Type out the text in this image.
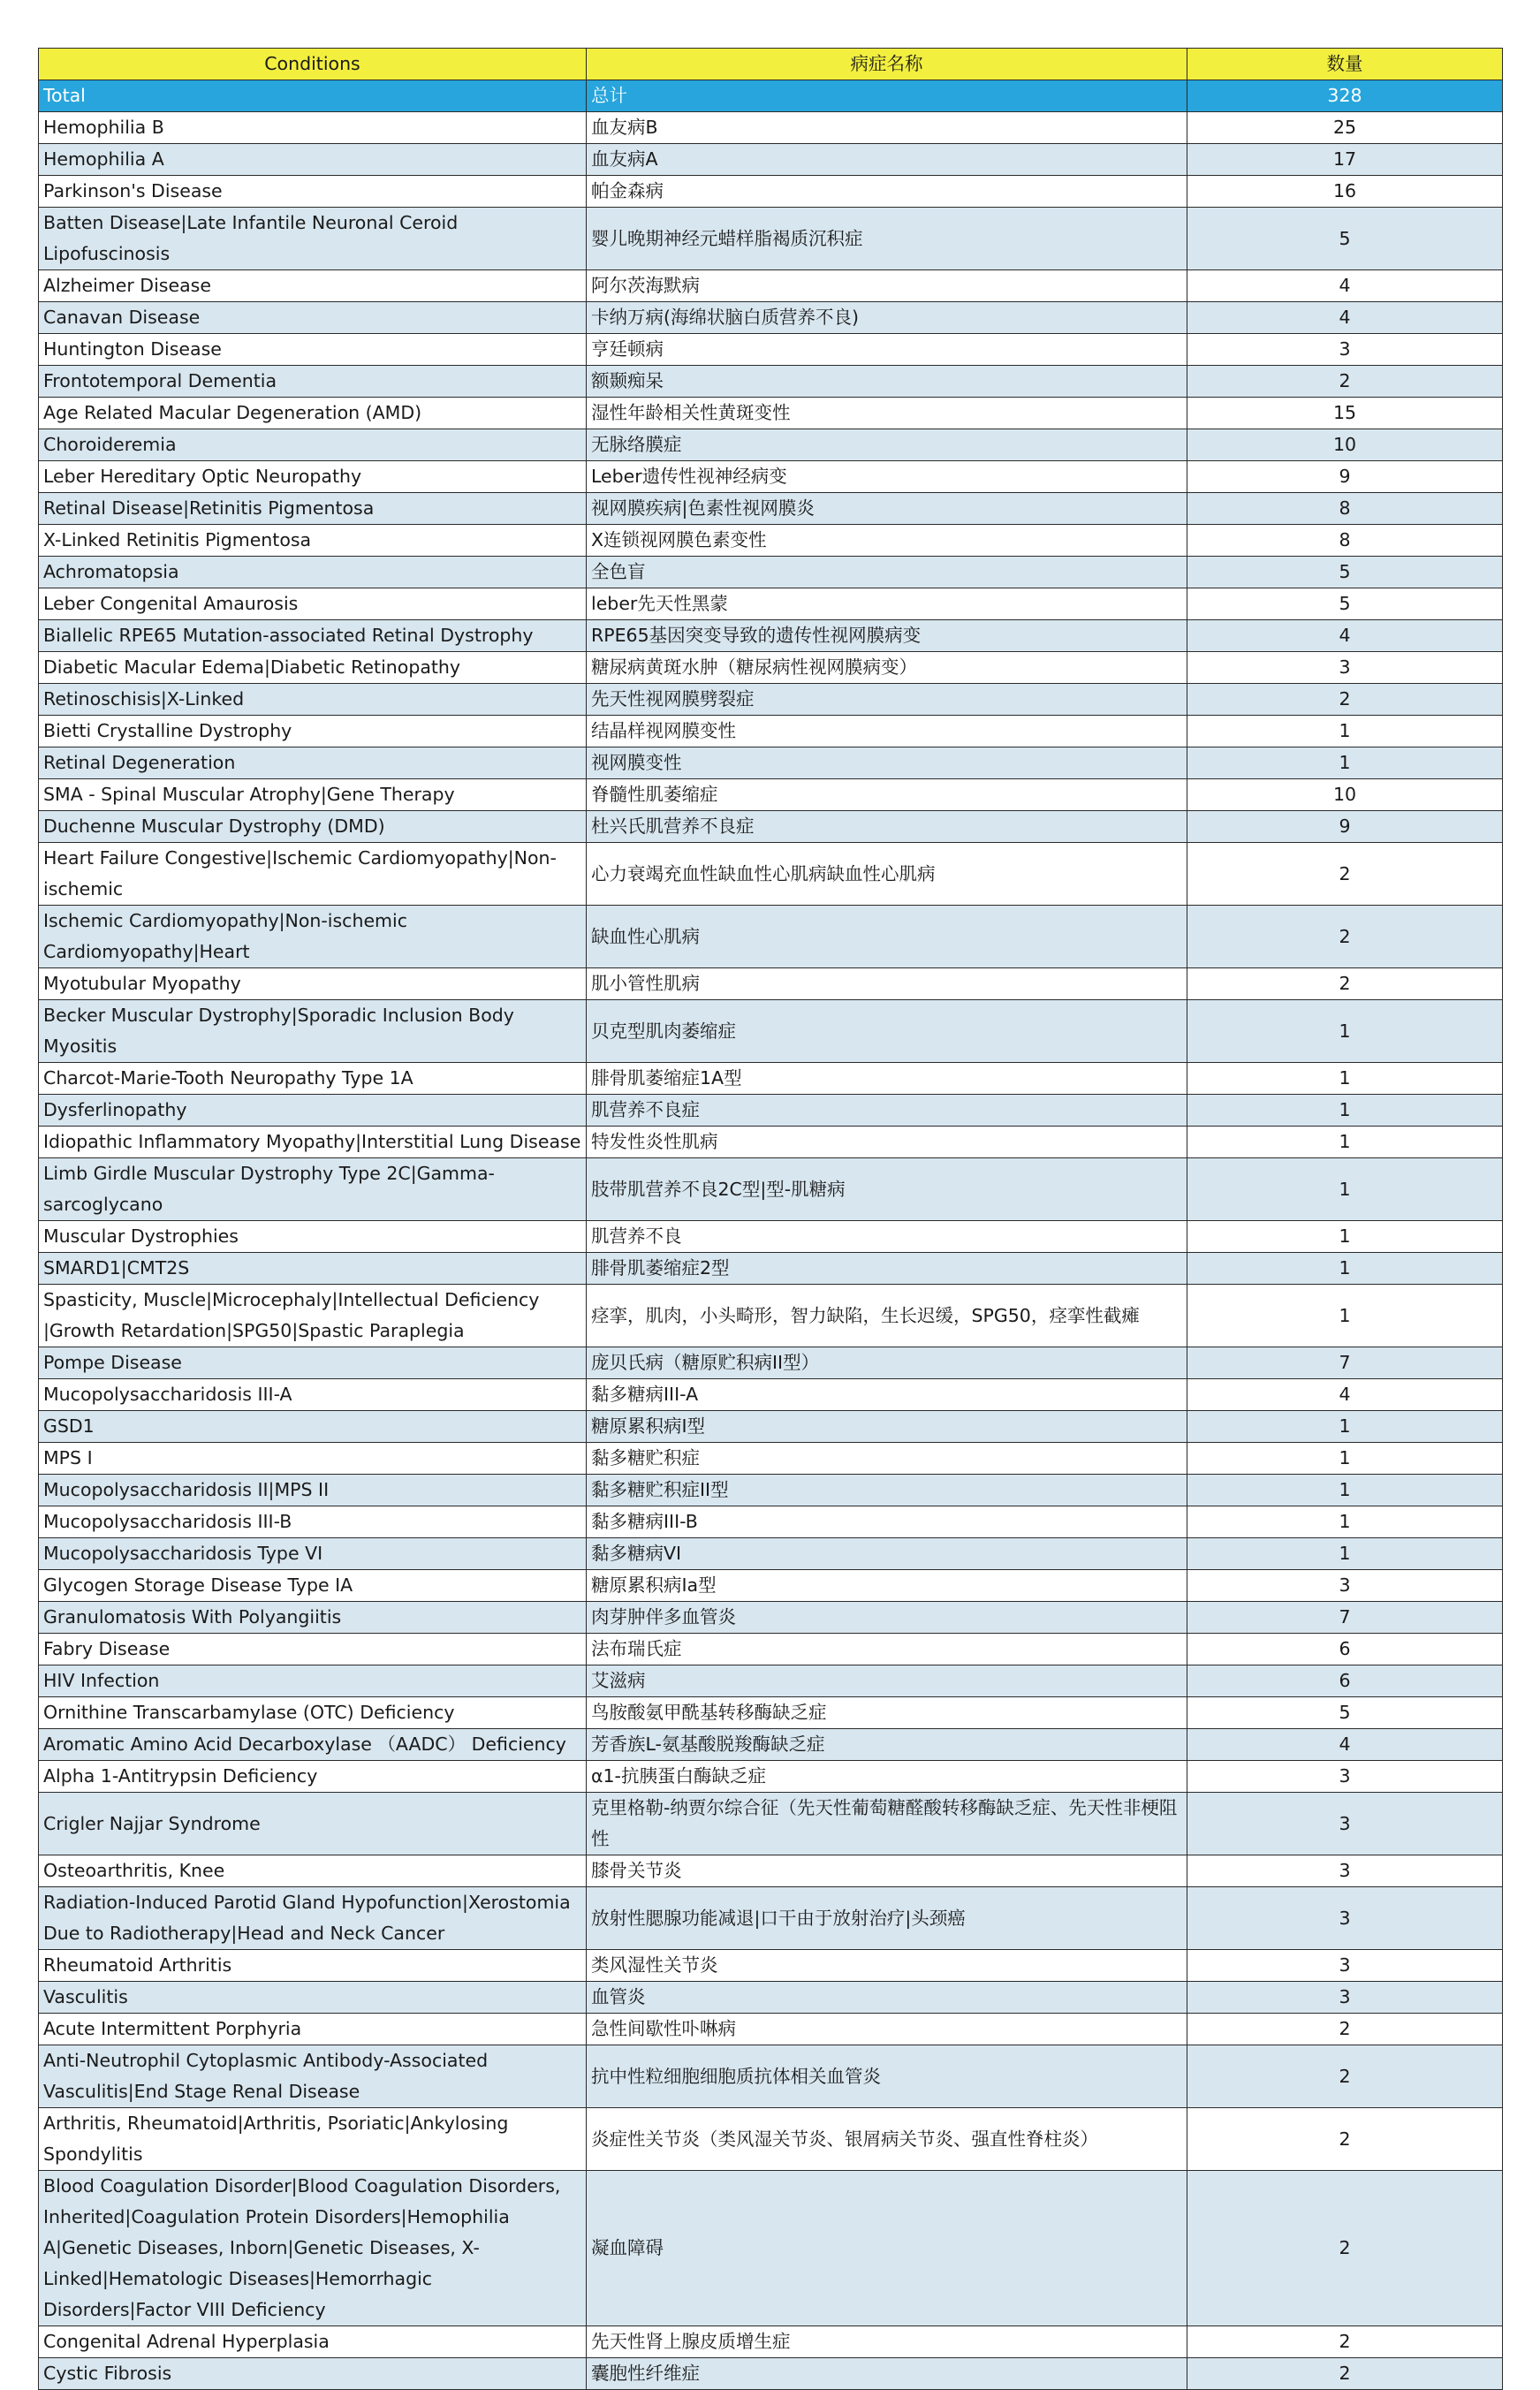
Conditions	病症名称	数量
Total	总计	328
Hemophilia B	血友病B	25
Hemophilia A	血友病A	17
Parkinson's Disease	帕金森病	16
Batten Disease|Late Infantile Neuronal Ceroid Lipofuscinosis	婴儿晚期神经元蜡样脂褐质沉积症	5
Alzheimer Disease	阿尔茨海默病	4
Canavan Disease	卡纳万病(海绵状脑白质营养不良)	4
Huntington Disease	亨廷顿病	3
Frontotemporal Dementia	额颞痴呆	2
Age Related Macular Degeneration (AMD)	湿性年龄相关性黄斑变性	15
Choroideremia	无脉络膜症	10
Leber Hereditary Optic Neuropathy	Leber遗传性视神经病变	9
Retinal Disease|Retinitis Pigmentosa	视网膜疾病|色素性视网膜炎	8
X-Linked Retinitis Pigmentosa	X连锁视网膜色素变性	8
Achromatopsia	全色盲	5
Leber Congenital Amaurosis	leber先天性黑蒙	5
Biallelic RPE65 Mutation-associated Retinal Dystrophy	RPE65基因突变导致的遗传性视网膜病变	4
Diabetic Macular Edema|Diabetic Retinopathy	糖尿病黄斑水肿（糖尿病性视网膜病变）	3
Retinoschisis|X-Linked	先天性视网膜劈裂症	2
Bietti Crystalline Dystrophy	结晶样视网膜变性	1
Retinal Degeneration	视网膜变性	1
SMA - Spinal Muscular Atrophy|Gene Therapy	脊髓性肌萎缩症	10
Duchenne Muscular Dystrophy (DMD)	杜兴氏肌营养不良症	9
Heart Failure Congestive|Ischemic Cardiomyopathy|Non-ischemic	心力衰竭充血性缺血性心肌病缺血性心肌病	2
Ischemic Cardiomyopathy|Non-ischemic Cardiomyopathy|Heart	缺血性心肌病	2
Myotubular Myopathy	肌小管性肌病	2
Becker Muscular Dystrophy|Sporadic Inclusion Body Myositis	贝克型肌肉萎缩症	1
Charcot-Marie-Tooth Neuropathy Type 1A	腓骨肌萎缩症1A型	1
Dysferlinopathy	肌营养不良症	1
Idiopathic Inflammatory Myopathy|Interstitial Lung Disease	特发性炎性肌病	1
Limb Girdle Muscular Dystrophy Type 2C|Gamma-sarcoglycano	肢带肌营养不良2C型|型-肌糖病	1
Muscular Dystrophies	肌营养不良	1
SMARD1|CMT2S	腓骨肌萎缩症2型	1
Spasticity, Muscle|Microcephaly|Intellectual Deficiency |Growth Retardation|SPG50|Spastic Paraplegia	痉挛，肌肉，小头畸形，智力缺陷，生长迟缓，SPG50，痉挛性截瘫	1
Pompe Disease	庞贝氏病（糖原贮积病II型）	7
Mucopolysaccharidosis III-A	黏多糖病III-A	4
GSD1	糖原累积病Ⅰ型	1
MPS I	黏多糖贮积症	1
Mucopolysaccharidosis II|MPS II	黏多糖贮积症II型	1
Mucopolysaccharidosis III-B	黏多糖病III-B	1
Mucopolysaccharidosis Type VI	黏多糖病VI	1
Glycogen Storage Disease Type IA	糖原累积病Ⅰa型	3
Granulomatosis With Polyangiitis	肉芽肿伴多血管炎	7
Fabry Disease	法布瑞氏症	6
HIV Infection	艾滋病	6
Ornithine Transcarbamylase (OTC) Deficiency	鸟胺酸氨甲酰基转移酶缺乏症	5
Aromatic Amino Acid Decarboxylase （AADC） Deficiency	芳香族L-氨基酸脱羧酶缺乏症	4
Alpha 1-Antitrypsin Deficiency	α1-抗胰蛋白酶缺乏症	3
Crigler Najjar Syndrome	克里格勒-纳贾尔综合征（先天性葡萄糖醛酸转移酶缺乏症、先天性非梗阻性	3
Osteoarthritis, Knee	膝骨关节炎	3
Radiation-Induced Parotid Gland Hypofunction|Xerostomia Due to Radiotherapy|Head and Neck Cancer	放射性腮腺功能减退|口干由于放射治疗|头颈癌	3
Rheumatoid Arthritis	类风湿性关节炎	3
Vasculitis	血管炎	3
Acute Intermittent Porphyria	急性间歇性卟啉病	2
Anti-Neutrophil Cytoplasmic Antibody-Associated Vasculitis|End Stage Renal Disease	抗中性粒细胞细胞质抗体相关血管炎	2
Arthritis, Rheumatoid|Arthritis, Psoriatic|Ankylosing Spondylitis	炎症性关节炎（类风湿关节炎、银屑病关节炎、强直性脊柱炎）	2
Blood Coagulation Disorder|Blood Coagulation Disorders, Inherited|Coagulation Protein Disorders|Hemophilia A|Genetic Diseases, Inborn|Genetic Diseases, X-Linked|Hematologic Diseases|Hemorrhagic Disorders|Factor VIII Deficiency	凝血障碍	2
Congenital Adrenal Hyperplasia	先天性肾上腺皮质增生症	2
Cystic Fibrosis	囊胞性纤维症	2
